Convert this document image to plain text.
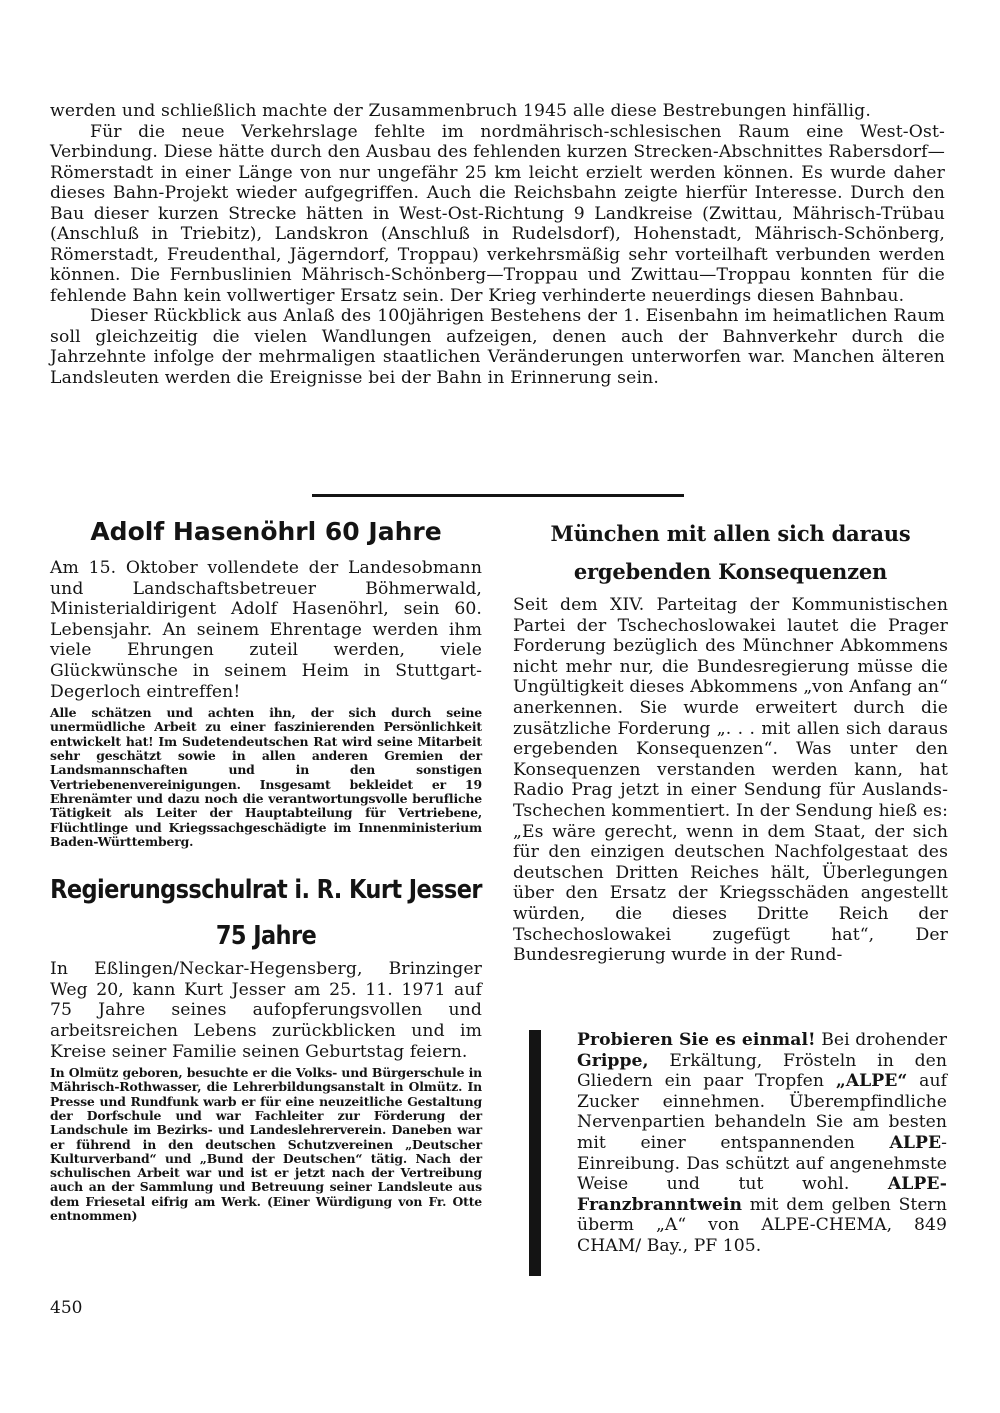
werden und schließlich machte der Zusammenbruch 1945 alle diese Bestrebungen hinfällig.

Für die neue Verkehrslage fehlte im nordmährisch-schlesischen Raum eine West-Ost-Verbindung. Diese hätte durch den Ausbau des fehlenden kurzen Strecken-Abschnittes Rabersdorf—Römerstadt in einer Länge von nur ungefähr 25 km leicht erzielt werden können. Es wurde daher dieses Bahn-Projekt wieder aufgegriffen. Auch die Reichsbahn zeigte hierfür Interesse. Durch den Bau dieser kurzen Strecke hätten in West-Ost-Richtung 9 Landkreise (Zwittau, Mährisch-Trübau (Anschluß in Triebitz), Landskron (Anschluß in Rudelsdorf), Hohenstadt, Mährisch-Schönberg, Römerstadt, Freudenthal, Jägerndorf, Troppau) verkehrsmäßig sehr vorteilhaft verbunden werden können. Die Fernbuslinien Mährisch-Schönberg—Troppau und Zwittau—Troppau konnten für die fehlende Bahn kein vollwertiger Ersatz sein. Der Krieg verhinderte neuerdings diesen Bahnbau.

Dieser Rückblick aus Anlaß des 100jährigen Bestehens der 1. Eisenbahn im heimatlichen Raum soll gleichzeitig die vielen Wandlungen aufzeigen, denen auch der Bahnverkehr durch die Jahrzehnte infolge der mehrmaligen staatlichen Veränderungen unterworfen war. Manchen älteren Landsleuten werden die Ereignisse bei der Bahn in Erinnerung sein.

Adolf Hasenöhrl 60 Jahre

Am 15. Oktober vollendete der Landesobmann und Landschaftsbetreuer Böhmerwald, Ministerialdirigent Adolf Hasenöhrl, sein 60. Lebensjahr. An seinem Ehrentage werden ihm viele Ehrungen zuteil werden, viele Glückwünsche in seinem Heim in Stuttgart-Degerloch eintreffen!

Alle schätzen und achten ihn, der sich durch seine unermüdliche Arbeit zu einer faszinierenden Persönlichkeit entwickelt hat! Im Sudetendeutschen Rat wird seine Mitarbeit sehr geschätzt sowie in allen anderen Gremien der Landsmannschaften und in den sonstigen Vertriebenenvereinigungen. Insgesamt bekleidet er 19 Ehrenämter und dazu noch die verantwortungsvolle berufliche Tätigkeit als Leiter der Hauptabteilung für Vertriebene, Flüchtlinge und Kriegssachgeschädigte im Innenministerium Baden-Württemberg.

Regierungsschulrat i. R. Kurt Jesser
75 Jahre

In Eßlingen/Neckar-Hegensberg, Brinzinger Weg 20, kann Kurt Jesser am 25. 11. 1971 auf 75 Jahre seines aufopferungsvollen und arbeitsreichen Lebens zurückblicken und im Kreise seiner Familie seinen Geburtstag feiern.

In Olmütz geboren, besuchte er die Volks- und Bürgerschule in Mährisch-Rothwasser, die Lehrerbildungsanstalt in Olmütz. In Presse und Rundfunk warb er für eine neuzeitliche Gestaltung der Dorfschule und war Fachleiter zur Förderung der Landschule im Bezirks- und Landeslehrerverein. Daneben war er führend in den deutschen Schutzvereinen „Deutscher Kulturverband“ und „Bund der Deutschen“ tätig. Nach der schulischen Arbeit war und ist er jetzt nach der Vertreibung auch an der Sammlung und Betreuung seiner Landsleute aus dem Friesetal eifrig am Werk. (Einer Würdigung von Fr. Otte entnommen)

München mit allen sich daraus
ergebenden Konsequenzen

Seit dem XIV. Parteitag der Kommunistischen Partei der Tschechoslowakei lautet die Prager Forderung bezüglich des Münchner Abkommens nicht mehr nur, die Bundesregierung müsse die Ungültigkeit dieses Abkommens „von Anfang an“ anerkennen. Sie wurde erweitert durch die zusätzliche Forderung „. . . mit allen sich daraus ergebenden Konsequenzen“. Was unter den Konsequenzen verstanden werden kann, hat Radio Prag jetzt in einer Sendung für Auslands-Tschechen kommentiert. In der Sendung hieß es: „Es wäre gerecht, wenn in dem Staat, der sich für den einzigen deutschen Nachfolgestaat des deutschen Dritten Reiches hält, Überlegungen über den Ersatz der Kriegsschäden angestellt würden, die dieses Dritte Reich der Tschechoslowakei zugefügt hat“, Der Bundesregierung wurde in der Rund-

Probieren Sie es einmal! Bei drohender Grippe, Erkältung, Frösteln in den Gliedern ein paar Tropfen „ALPE“ auf Zucker einnehmen. Überempfindliche Nervenpartien behandeln Sie am besten mit einer entspannenden ALPE-Einreibung. Das schützt auf angenehmste Weise und tut wohl. ALPE-Franzbranntwein mit dem gelben Stern überm „A“ von ALPE-CHEMA, 849 CHAM/ Bay., PF 105.

450
